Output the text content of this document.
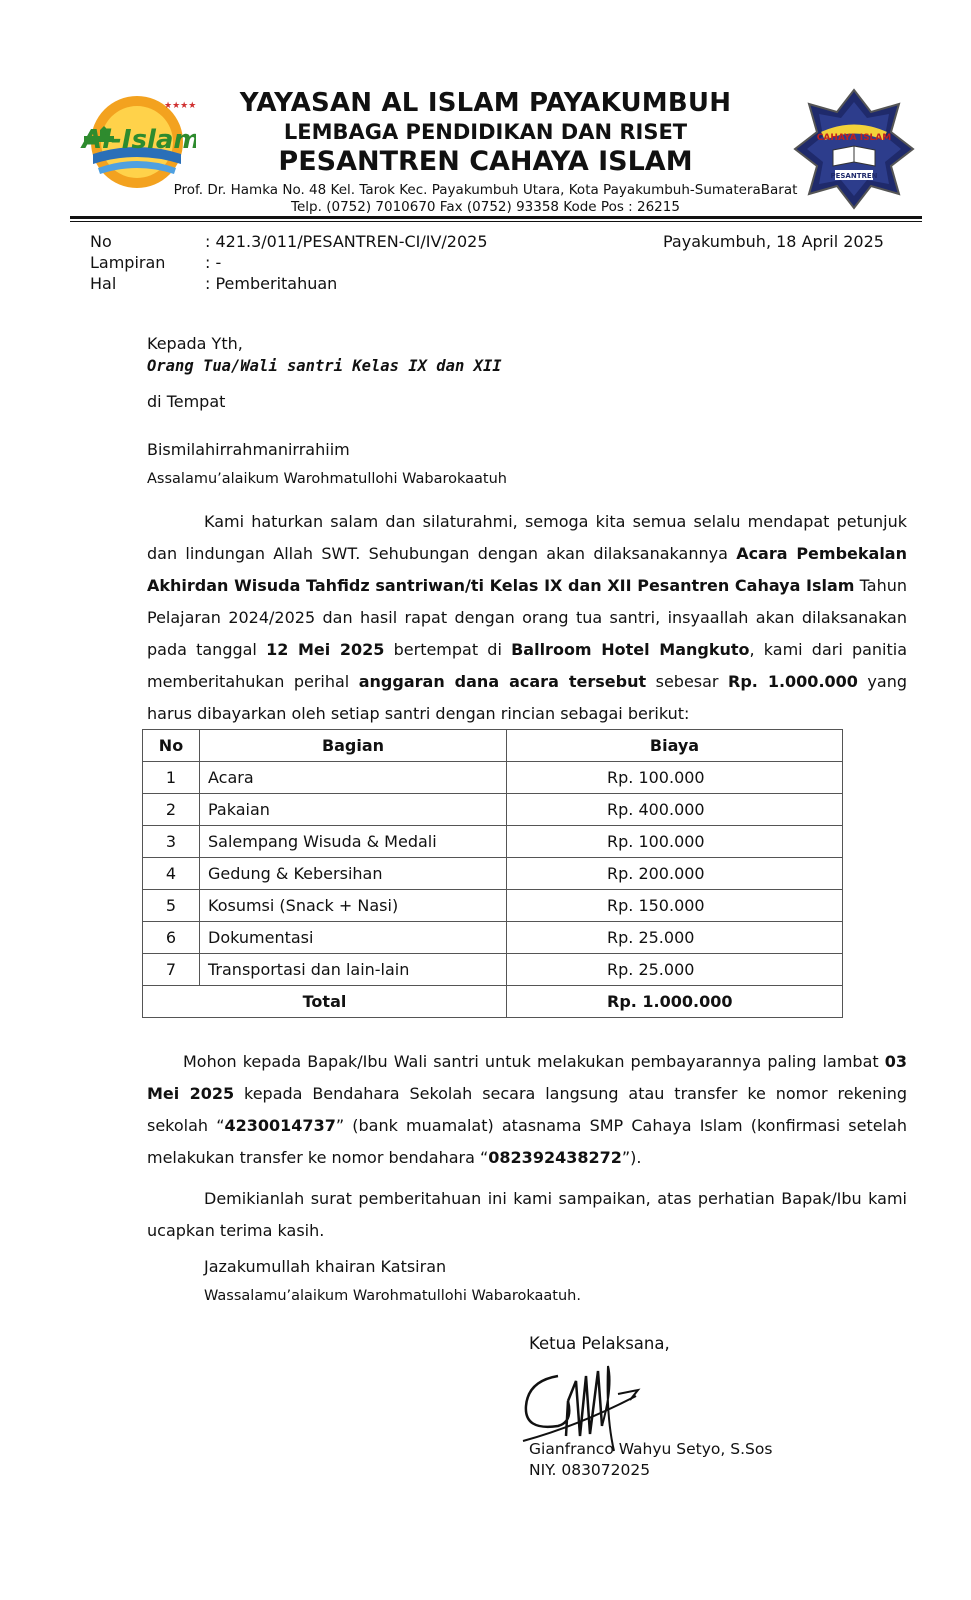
Al-Islam
★★★★
CAHAYA ISLAM
PESANTREN
YAYASAN AL ISLAM PAYAKUMBUH
LEMBAGA PENDIDIKAN DAN RISET
PESANTREN CAHAYA ISLAM
Prof. Dr. Hamka No. 48 Kel. Tarok Kec. Payakumbuh Utara, Kota Payakumbuh-SumateraBarat
Telp. (0752) 7010670 Fax (0752) 93358 Kode Pos : 26215
No	: 421.3/011/PESANTREN-CI/IV/2025
Lampiran : -
Hal	: Pemberitahuan
Payakumbuh, 18 April 2025
Kepada Yth,
Orang Tua/Wali santri Kelas IX dan XII
di Tempat
Bismilahirrahmanirrahiim
Assalamu’alaikum Warohmatullohi Wabarokaatuh
Kami haturkan salam dan silaturahmi, semoga kita semua selalu mendapat petunjuk dan lindungan Allah SWT. Sehubungan dengan akan dilaksanakannya Acara Pembekalan Akhirdan Wisuda Tahfidz santriwan/ti Kelas IX dan XII Pesantren Cahaya Islam Tahun Pelajaran 2024/2025 dan hasil rapat dengan orang tua santri, insyaallah akan dilaksanakan pada tanggal 12 Mei 2025 bertempat di Ballroom Hotel Mangkuto, kami dari panitia memberitahukan perihal anggaran dana acara tersebut sebesar Rp. 1.000.000 yang harus dibayarkan oleh setiap santri dengan rincian sebagai berikut:
No	Bagian	Biaya
1	Acara	Rp. 100.000
2	Pakaian	Rp. 400.000
3	Salempang Wisuda & Medali	Rp. 100.000
4	Gedung & Kebersihan	Rp. 200.000
5	Kosumsi (Snack + Nasi)	Rp. 150.000
6	Dokumentasi	Rp. 25.000
7	Transportasi dan lain-lain	Rp. 25.000
Total		Rp. 1.000.000
Mohon kepada Bapak/Ibu Wali santri untuk melakukan pembayarannya paling lambat 03 Mei 2025 kepada Bendahara Sekolah secara langsung atau transfer ke nomor rekening sekolah “4230014737” (bank muamalat) atasnama SMP Cahaya Islam (konfirmasi setelah melakukan transfer ke nomor bendahara “082392438272”).
Demikianlah surat pemberitahuan ini kami sampaikan, atas perhatian Bapak/Ibu kami ucapkan terima kasih.
Jazakumullah khairan Katsiran
Wassalamu’alaikum Warohmatullohi Wabarokaatuh.
Ketua Pelaksana,
Gianfranco Wahyu Setyo, S.Sos
NIY. 083072025
